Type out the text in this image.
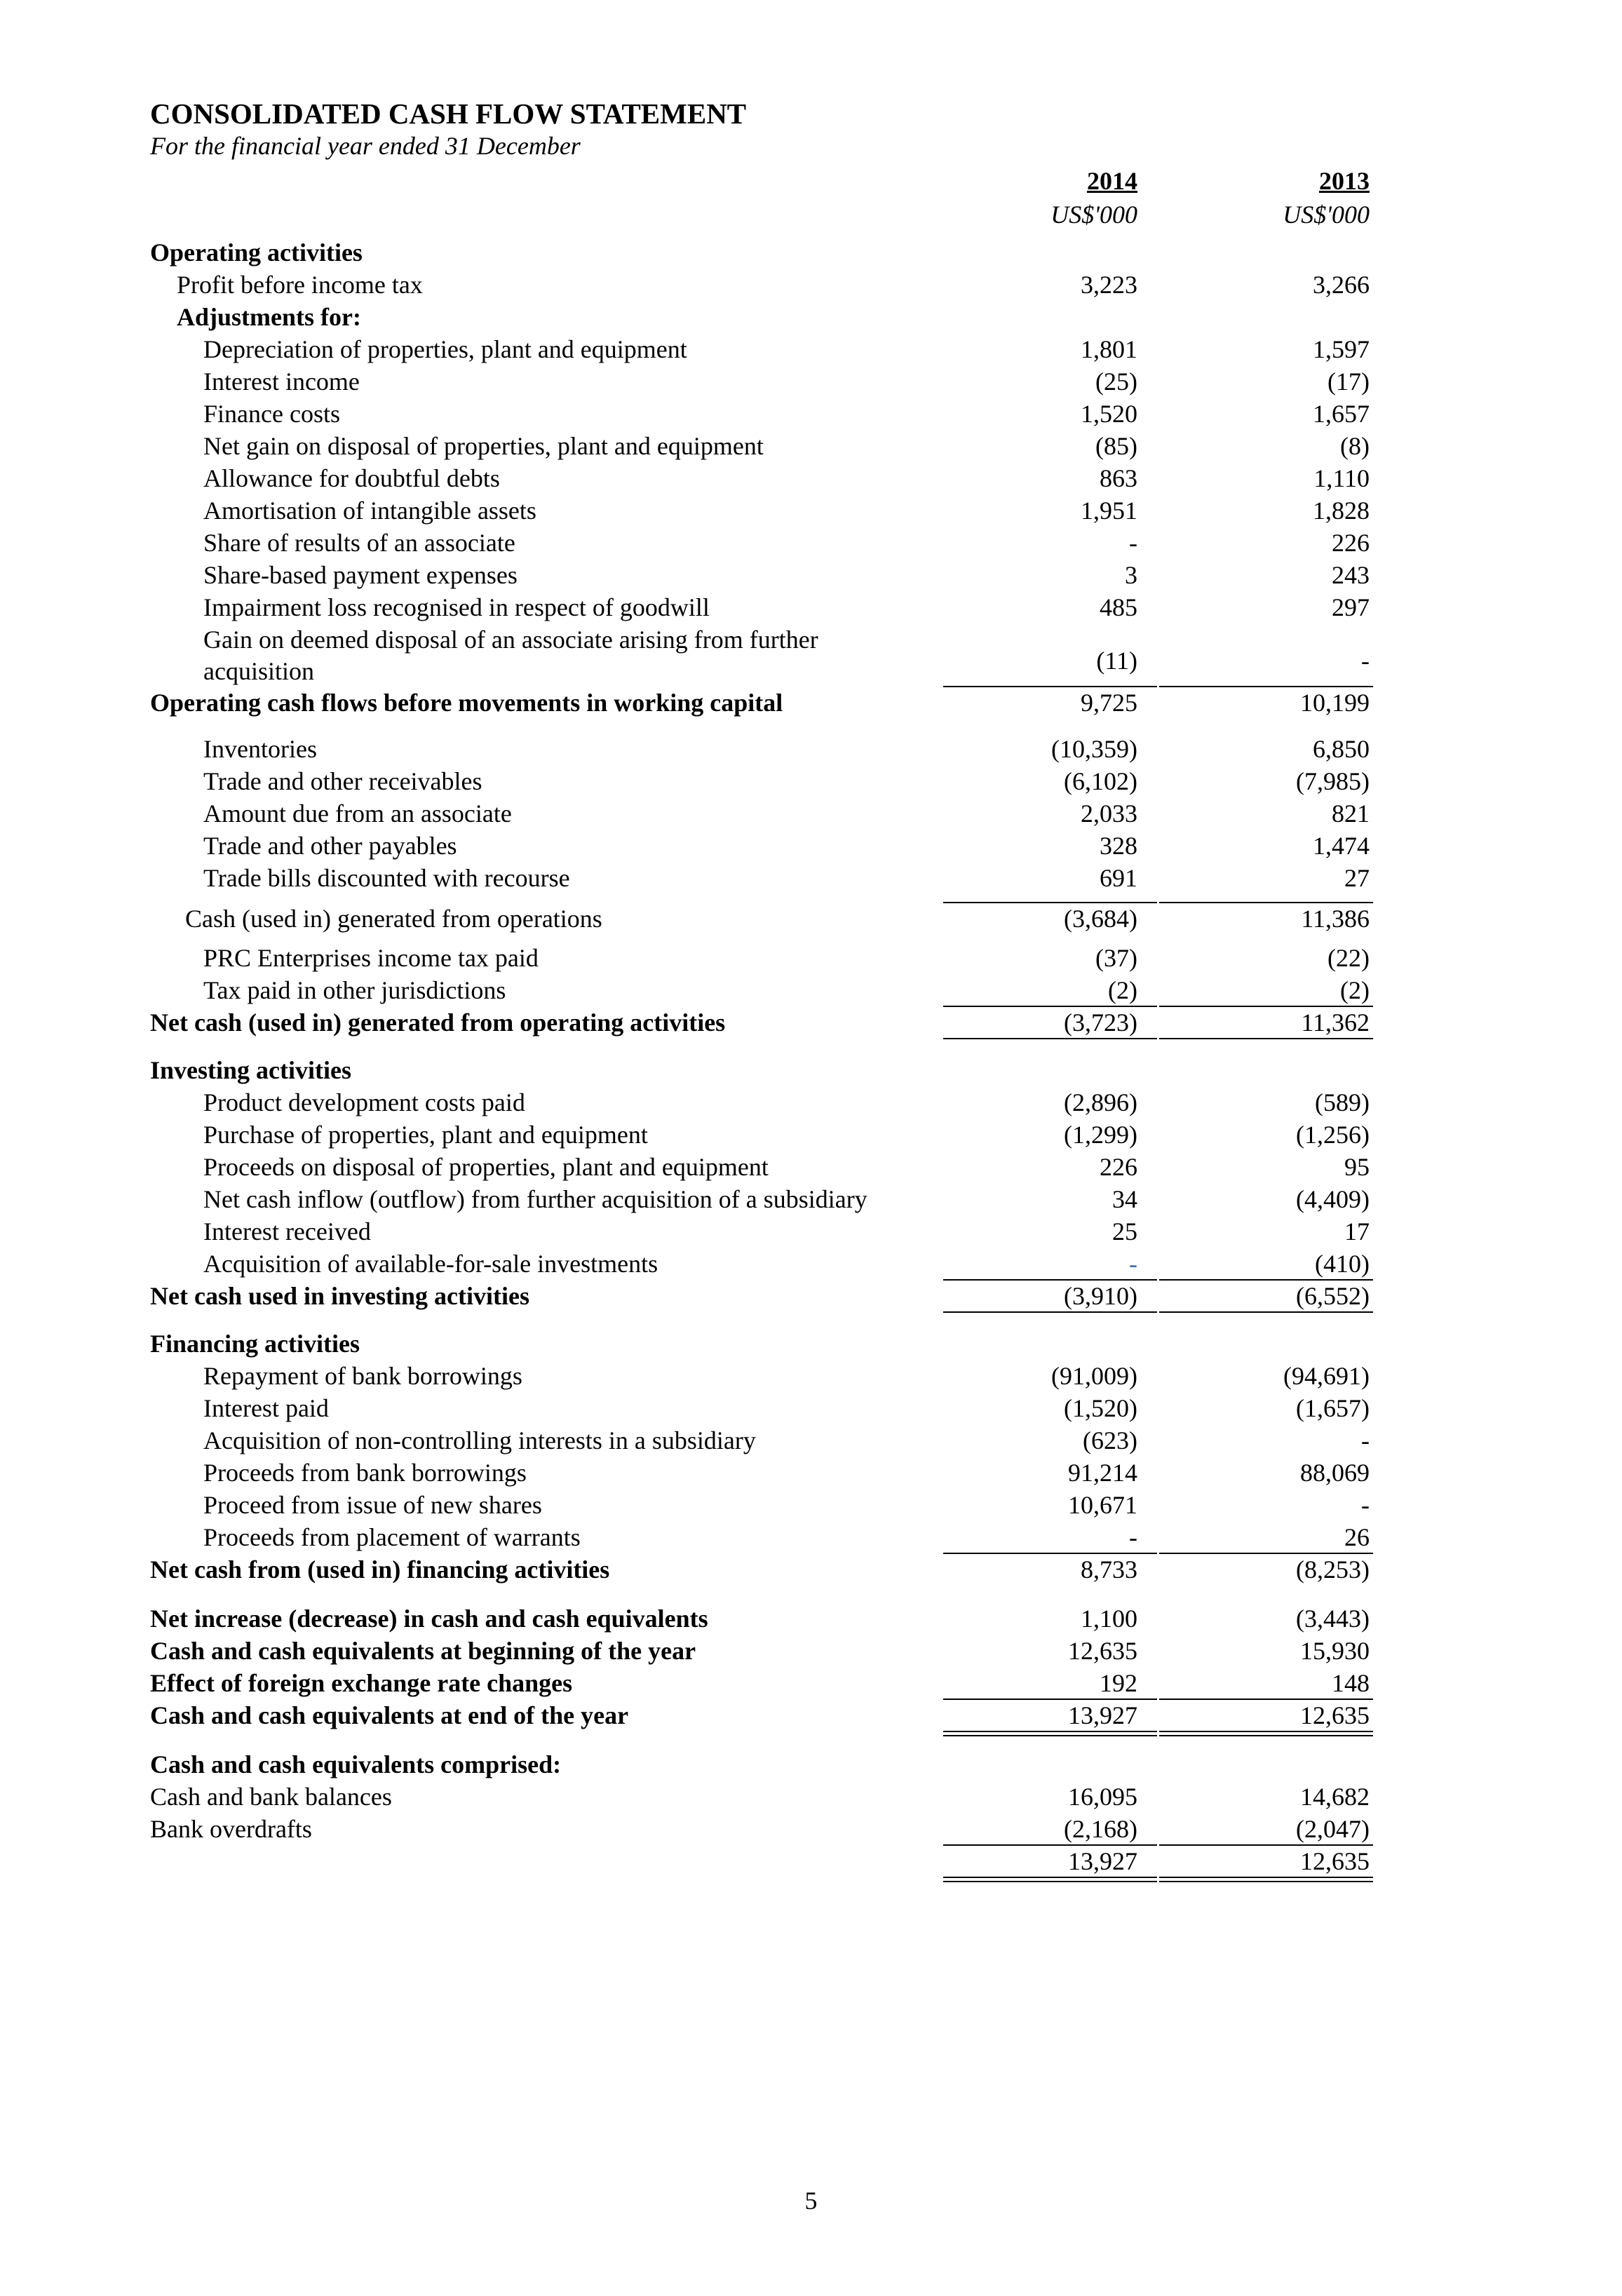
CONSOLIDATED CASH FLOW STATEMENT
For the financial year ended 31 December
2014	2013
US$'000	US$'000
Operating activities
Profit before income tax	3,223	3,266
Adjustments for:
Depreciation of properties, plant and equipment	1,801	1,597
Interest income	(25)	(17)
Finance costs	1,520	1,657
Net gain on disposal of properties, plant and equipment	(85)	(8)
Allowance for doubtful debts	863	1,110
Amortisation of intangible assets	1,951	1,828
Share of results of an associate	-	226
Share-based payment expenses	3	243
Impairment loss recognised in respect of goodwill	485	297
Gain on deemed disposal of an associate arising from further acquisition	(11)	-
Operating cash flows before movements in working capital	9,725	10,199
Inventories	(10,359)	6,850
Trade and other receivables	(6,102)	(7,985)
Amount due from an associate	2,033	821
Trade and other payables	328	1,474
Trade bills discounted with recourse	691	27
Cash (used in) generated from operations	(3,684)	11,386
PRC Enterprises income tax paid	(37)	(22)
Tax paid in other jurisdictions	(2)	(2)
Net cash (used in) generated from operating activities	(3,723)	11,362
Investing activities
Product development costs paid	(2,896)	(589)
Purchase of properties, plant and equipment	(1,299)	(1,256)
Proceeds on disposal of properties, plant and equipment	226	95
Net cash inflow (outflow) from further acquisition of a subsidiary	34	(4,409)
Interest received	25	17
Acquisition of available-for-sale investments	-	(410)
Net cash used in investing activities	(3,910)	(6,552)
Financing activities
Repayment of bank borrowings	(91,009)	(94,691)
Interest paid	(1,520)	(1,657)
Acquisition of non-controlling interests in a subsidiary	(623)	-
Proceeds from bank borrowings	91,214	88,069
Proceed from issue of new shares	10,671	-
Proceeds from placement of warrants	-	26
Net cash from (used in) financing activities	8,733	(8,253)
Net increase (decrease) in cash and cash equivalents	1,100	(3,443)
Cash and cash equivalents at beginning of the year	12,635	15,930
Effect of foreign exchange rate changes	192	148
Cash and cash equivalents at end of the year	13,927	12,635
Cash and cash equivalents comprised:
Cash and bank balances	16,095	14,682
Bank overdrafts	(2,168)	(2,047)
13,927	12,635
5
